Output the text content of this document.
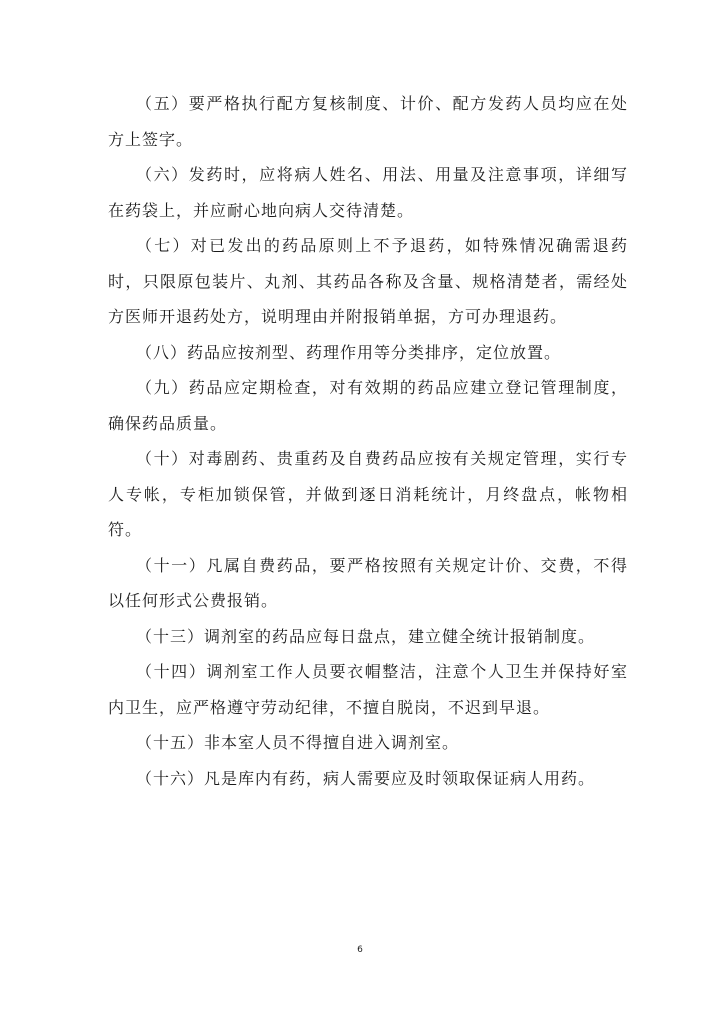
（五）要严格执行配方复核制度、计价、配方发药人员均应在处方上签字。

（六）发药时，应将病人姓名、用法、用量及注意事项，详细写在药袋上，并应耐心地向病人交待清楚。

（七）对已发出的药品原则上不予退药，如特殊情况确需退药时，只限原包装片、丸剂、其药品各称及含量、规格清楚者，需经处方医师开退药处方，说明理由并附报销单据，方可办理退药。

（八）药品应按剂型、药理作用等分类排序，定位放置。

（九）药品应定期检查，对有效期的药品应建立登记管理制度，确保药品质量。

（十）对毒剧药、贵重药及自费药品应按有关规定管理，实行专人专帐，专柜加锁保管，并做到逐日消耗统计，月终盘点，帐物相符。

（十一）凡属自费药品，要严格按照有关规定计价、交费，不得以任何形式公费报销。

（十三）调剂室的药品应每日盘点，建立健全统计报销制度。

（十四）调剂室工作人员要衣帽整洁，注意个人卫生并保持好室内卫生，应严格遵守劳动纪律，不擅自脱岗，不迟到早退。

（十五）非本室人员不得擅自进入调剂室。

（十六）凡是库内有药，病人需要应及时领取保证病人用药。

6
